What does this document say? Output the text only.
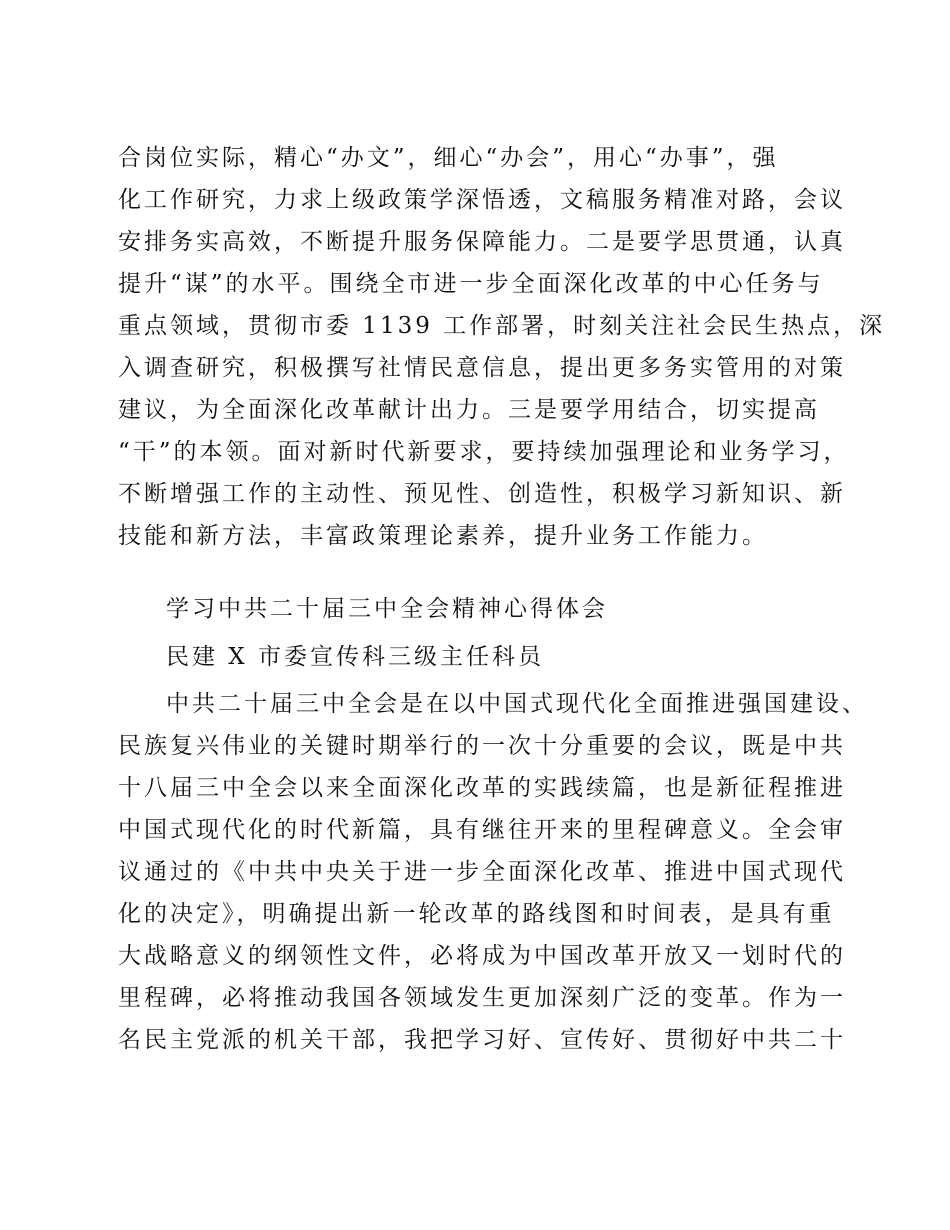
合岗位实际，精心“办文”，细心“办会”，用心“办事”，强
化工作研究，力求上级政策学深悟透，文稿服务精准对路，会议
安排务实高效，不断提升服务保障能力。二是要学思贯通，认真
提升“谋”的水平。围绕全市进一步全面深化改革的中心任务与
重点领域，贯彻市委 1139 工作部署，时刻关注社会民生热点，深
入调查研究，积极撰写社情民意信息，提出更多务实管用的对策
建议，为全面深化改革献计出力。三是要学用结合，切实提高
“干”的本领。面对新时代新要求，要持续加强理论和业务学习，
不断增强工作的主动性、预见性、创造性，积极学习新知识、新
技能和新方法，丰富政策理论素养，提升业务工作能力。
学习中共二十届三中全会精神心得体会
民建 X 市委宣传科三级主任科员
中共二十届三中全会是在以中国式现代化全面推进强国建设、
民族复兴伟业的关键时期举行的一次十分重要的会议，既是中共
十八届三中全会以来全面深化改革的实践续篇，也是新征程推进
中国式现代化的时代新篇，具有继往开来的里程碑意义。全会审
议通过的《中共中央关于进一步全面深化改革、推进中国式现代
化的决定》，明确提出新一轮改革的路线图和时间表，是具有重
大战略意义的纲领性文件，必将成为中国改革开放又一划时代的
里程碑，必将推动我国各领域发生更加深刻广泛的变革。作为一
名民主党派的机关干部，我把学习好、宣传好、贯彻好中共二十
